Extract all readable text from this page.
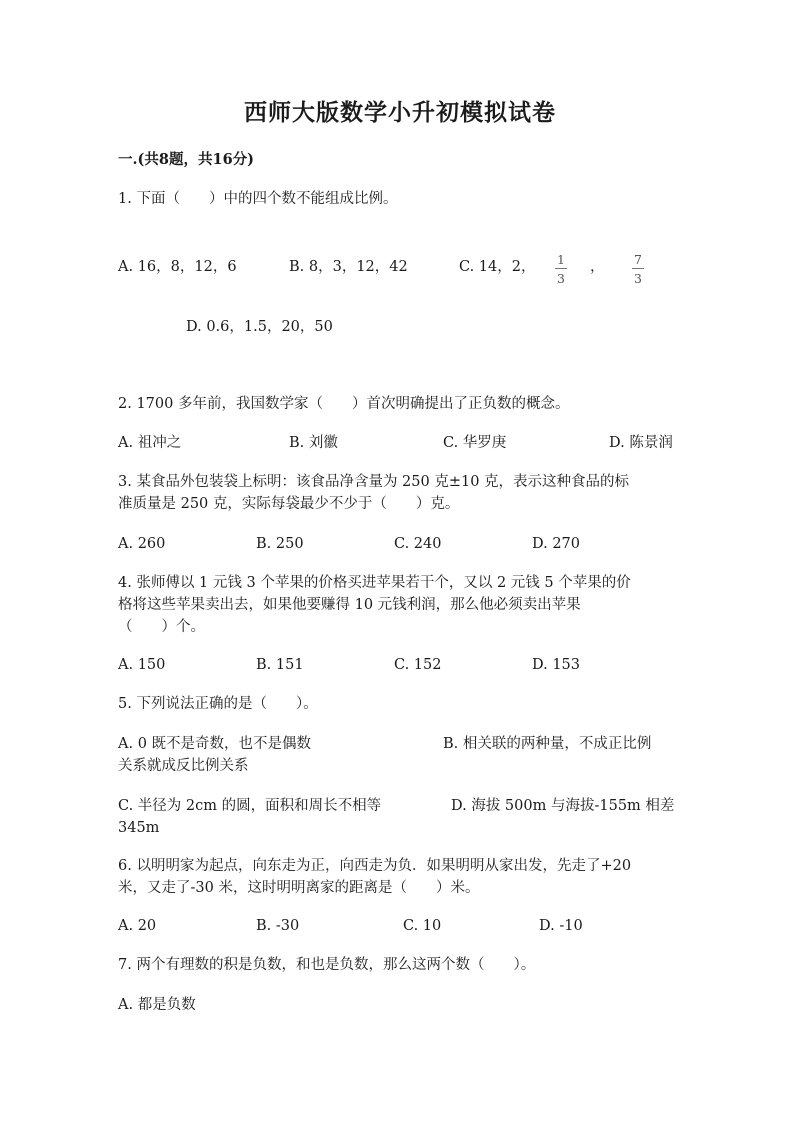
西师大版数学小升初模拟试卷
一.(共8题，共16分)
1. 下面（　　）中的四个数不能组成比例。
A. 16，8，12，6	B. 8，3，12，42	C. 14，2，	1
3
，	7
3
D. 0.6，1.5，20，50
2. 1700 多年前，我国数学家（　　）首次明确提出了正负数的概念。
A. 祖冲之	B. 刘徽	C. 华罗庚	D. 陈景润
3. 某食品外包装袋上标明：该食品净含量为 250 克±10 克，表示这种食品的标
准质量是 250 克，实际每袋最少不少于（　　）克。
A. 260	B. 250	C. 240	D. 270
4. 张师傅以 1 元钱 3 个苹果的价格买进苹果若干个，又以 2 元钱 5 个苹果的价
格将这些苹果卖出去，如果他要赚得 10 元钱利润，那么他必须卖出苹果
（　　）个。
A. 150	B. 151	C. 152	D. 153
5. 下列说法正确的是（　　）。
A. 0 既不是奇数，也不是偶数	B. 相关联的两种量，不成正比例
关系就成反比例关系
C. 半径为 2cm 的圆，面积和周长不相等	D. 海拔 500m 与海拔-155m 相差
345m
6. 以明明家为起点，向东走为正，向西走为负．如果明明从家出发，先走了+20
米，又走了-30 米，这时明明离家的距离是（　　）米。
A. 20	B. -30	C. 10	D. -10
7. 两个有理数的积是负数，和也是负数，那么这两个数（　　）。
A. 都是负数
